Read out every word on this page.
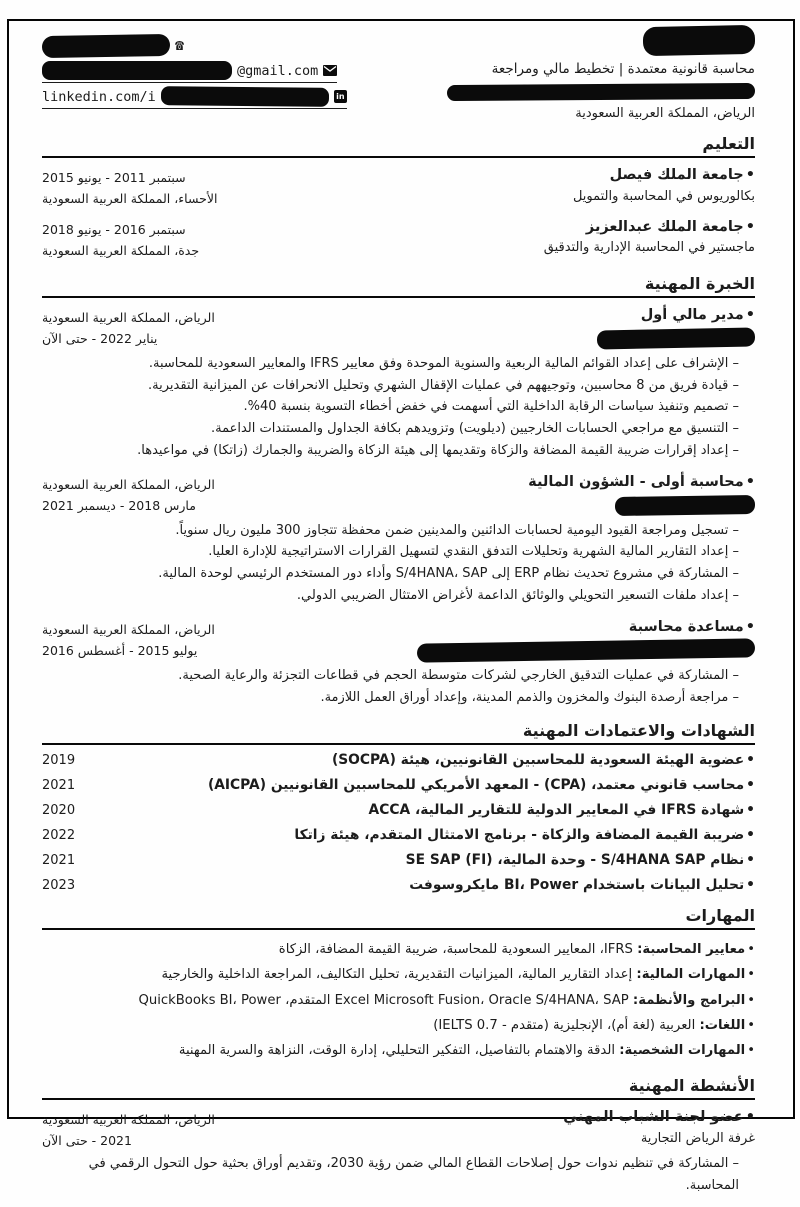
محاسبة قانونية معتمدة | تخطيط مالي ومراجعة
الرياض، المملكة العربية السعودية
☎
@gmail.com
linkedin.com/i	in
التعليم
• جامعة الملك فيصل
بكالوريوس في المحاسبة والتمويل
سبتمبر 2011 - يونيو 2015
الأحساء، المملكة العربية السعودية
• جامعة الملك عبدالعزيز
ماجستير في المحاسبة الإدارية والتدقيق
سبتمبر 2016 - يونيو 2018
جدة، المملكة العربية السعودية
الخبرة المهنية
• مدير مالي أول
الرياض، المملكة العربية السعودية
يناير 2022 - حتى الآن
– الإشراف على إعداد القوائم المالية الربعية والسنوية الموحدة وفق معايير IFRS والمعايير السعودية للمحاسبة.
– قيادة فريق من 8 محاسبين، وتوجيههم في عمليات الإقفال الشهري وتحليل الانحرافات عن الميزانية التقديرية.
– تصميم وتنفيذ سياسات الرقابة الداخلية التي أسهمت في خفض أخطاء التسوية بنسبة 40%.
– التنسيق مع مراجعي الحسابات الخارجيين (ديلويت) وتزويدهم بكافة الجداول والمستندات الداعمة.
– إعداد إقرارات ضريبة القيمة المضافة والزكاة وتقديمها إلى هيئة الزكاة والضريبة والجمارك (زاتكا) في مواعيدها.
• محاسبة أولى - الشؤون المالية
الرياض، المملكة العربية السعودية
مارس 2018 - ديسمبر 2021
– تسجيل ومراجعة القيود اليومية لحسابات الدائنين والمدينين ضمن محفظة تتجاوز 300 مليون ريال سنوياً.
– إعداد التقارير المالية الشهرية وتحليلات التدفق النقدي لتسهيل القرارات الاستراتيجية للإدارة العليا.
– المشاركة في مشروع تحديث نظام ERP إلى S/4HANA، SAP وأداء دور المستخدم الرئيسي لوحدة المالية.
– إعداد ملفات التسعير التحويلي والوثائق الداعمة لأغراض الامتثال الضريبي الدولي.
• مساعدة محاسبة
الرياض، المملكة العربية السعودية
يوليو 2015 - أغسطس 2016
– المشاركة في عمليات التدقيق الخارجي لشركات متوسطة الحجم في قطاعات التجزئة والرعاية الصحية.
– مراجعة أرصدة البنوك والمخزون والذمم المدينة، وإعداد أوراق العمل اللازمة.
الشهادات والاعتمادات المهنية
• عضوية الهيئة السعودية للمحاسبين القانونيين، هيئة (SOCPA)
2019
• محاسب قانوني معتمد، (CPA) - المعهد الأمريكي للمحاسبين القانونيين (AICPA)
2021
• شهادة IFRS في المعايير الدولية للتقارير المالية، ACCA
2020
• ضريبة القيمة المضافة والزكاة - برنامج الامتثال المتقدم، هيئة زاتكا
2022
• نظام S/4HANA SAP - وحدة المالية، SE SAP (FI)
2021
• تحليل البيانات باستخدام BI، Power مايكروسوفت
2023
المهارات
• معايير المحاسبة: IFRS، المعايير السعودية للمحاسبة، ضريبة القيمة المضافة، الزكاة
• المهارات المالية: إعداد التقارير المالية، الميزانيات التقديرية، تحليل التكاليف، المراجعة الداخلية والخارجية
• البرامج والأنظمة: Excel Microsoft Fusion، Oracle S/4HANA، SAP المتقدم، QuickBooks BI، Power
• اللغات: العربية (لغة أم)، الإنجليزية (متقدم - 0.7 IELTS)
• المهارات الشخصية: الدقة والاهتمام بالتفاصيل، التفكير التحليلي، إدارة الوقت، النزاهة والسرية المهنية
الأنشطة المهنية
• عضو لجنة الشباب المهني
غرفة الرياض التجارية
الرياض، المملكة العربية السعودية
2021 - حتى الآن
– المشاركة في تنظيم ندوات حول إصلاحات القطاع المالي ضمن رؤية 2030، وتقديم أوراق بحثية حول التحول الرقمي في المحاسبة.
